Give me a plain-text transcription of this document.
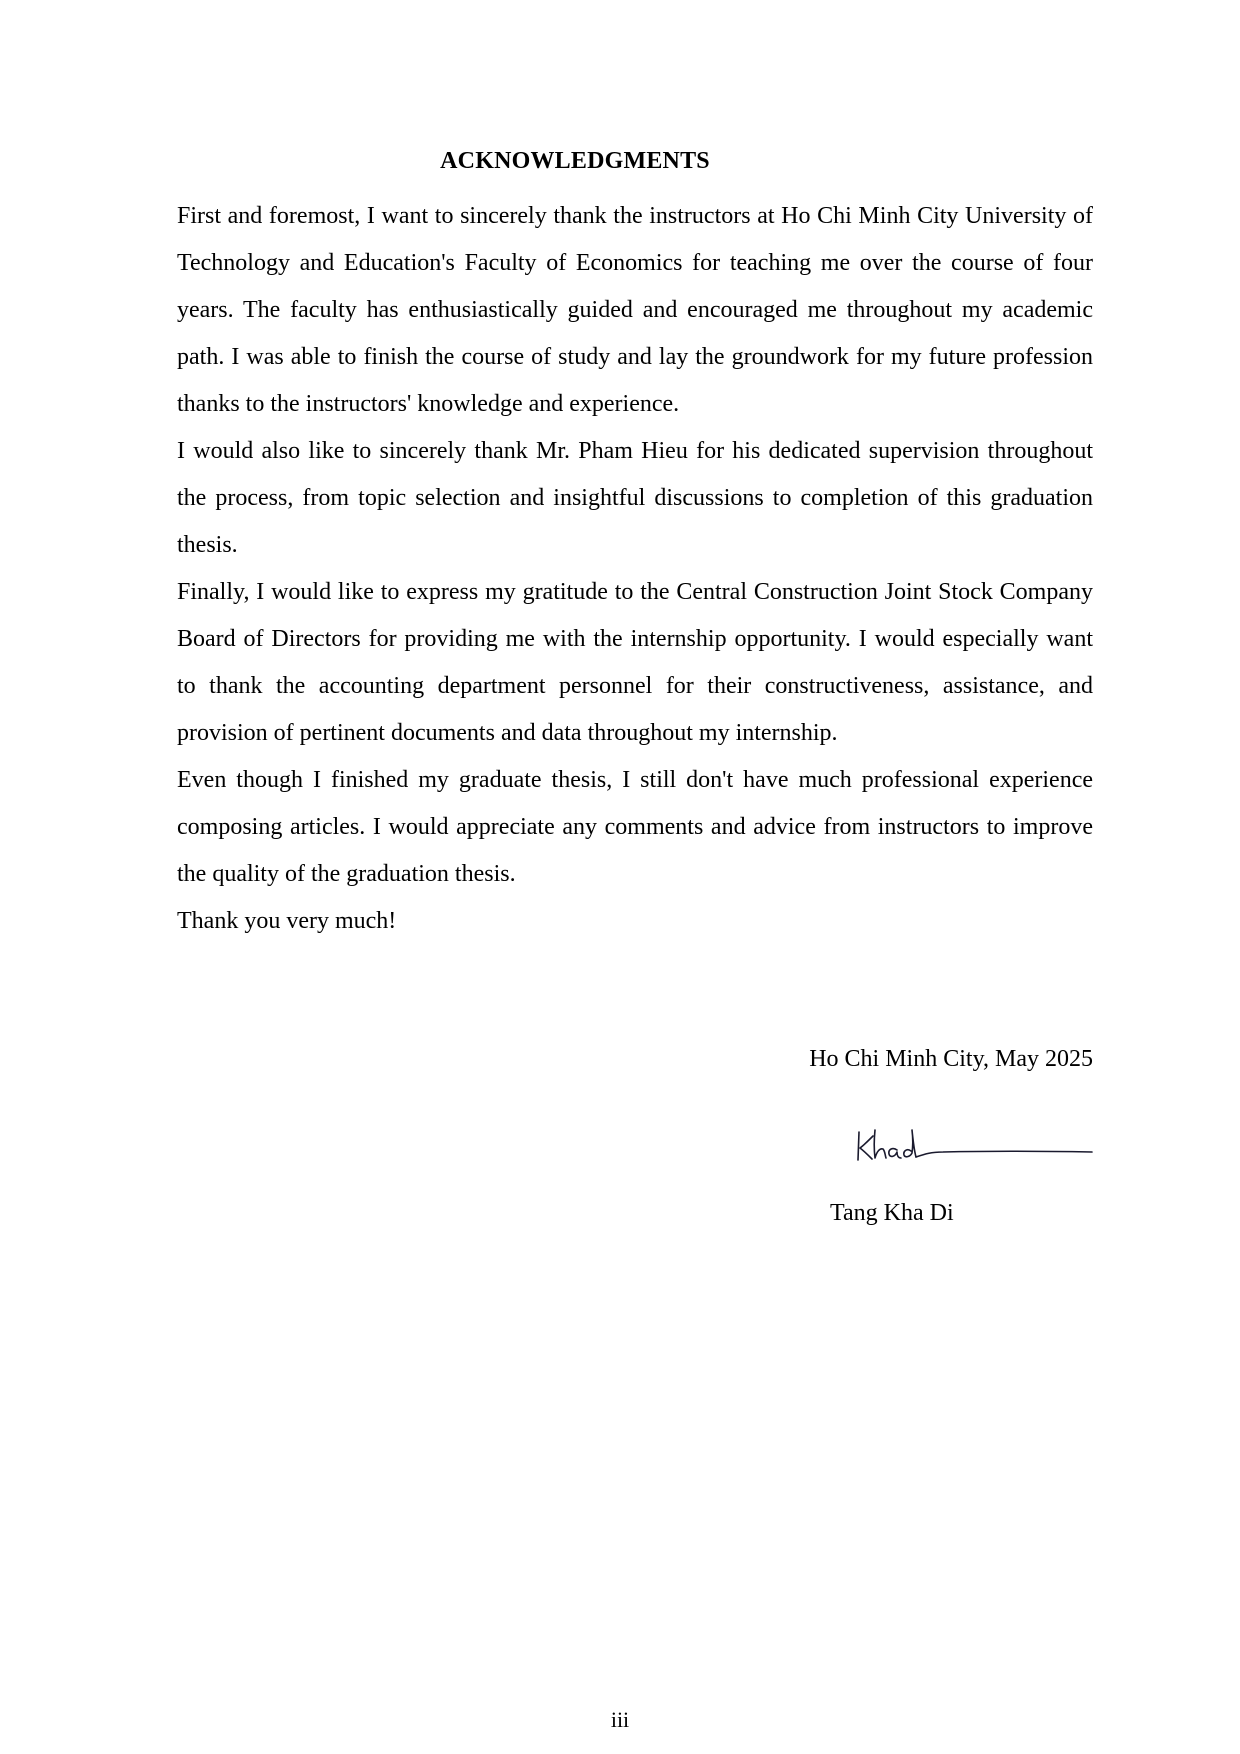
ACKNOWLEDGMENTS

First and foremost, I want to sincerely thank the instructors at Ho Chi Minh City University of Technology and Education's Faculty of Economics for teaching me over the course of four years. The faculty has enthusiastically guided and encouraged me throughout my academic path. I was able to finish the course of study and lay the groundwork for my future profession thanks to the instructors' knowledge and experience.

I would also like to sincerely thank Mr. Pham Hieu for his dedicated supervision throughout the process, from topic selection and insightful discussions to completion of this graduation thesis.

Finally, I would like to express my gratitude to the Central Construction Joint Stock Company Board of Directors for providing me with the internship opportunity. I would especially want to thank the accounting department personnel for their constructiveness, assistance, and provision of pertinent documents and data throughout my internship.

Even though I finished my graduate thesis, I still don't have much professional experience composing articles. I would appreciate any comments and advice from instructors to improve the quality of the graduation thesis.

Thank you very much!

Ho Chi Minh City, May 2025
Tang Kha Di
iii
